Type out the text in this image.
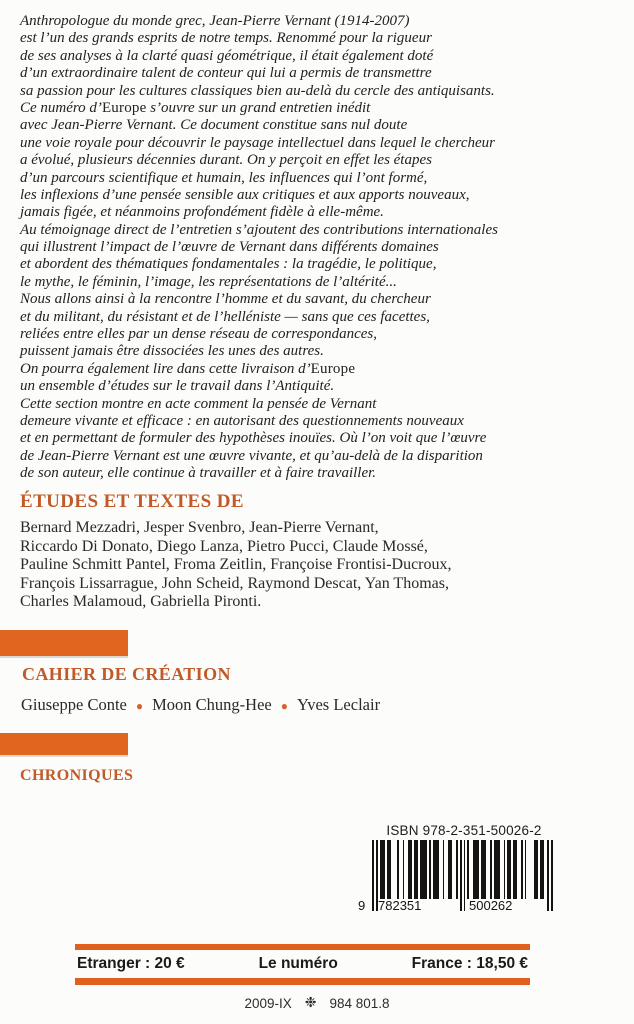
Anthropologue du monde grec, Jean-Pierre Vernant (1914-2007)
est l’un des grands esprits de notre temps. Renommé pour la rigueur
de ses analyses à la clarté quasi géométrique, il était également doté
d’un extraordinaire talent de conteur qui lui a permis de transmettre
sa passion pour les cultures classiques bien au-delà du cercle des antiquisants.
Ce numéro d’Europe s’ouvre sur un grand entretien inédit
avec Jean-Pierre Vernant. Ce document constitue sans nul doute
une voie royale pour découvrir le paysage intellectuel dans lequel le chercheur
a évolué, plusieurs décennies durant. On y perçoit en effet les étapes
d’un parcours scientifique et humain, les influences qui l’ont formé,
les inflexions d’une pensée sensible aux critiques et aux apports nouveaux,
jamais figée, et néanmoins profondément fidèle à elle-même.
Au témoignage direct de l’entretien s’ajoutent des contributions internationales
qui illustrent l’impact de l’œuvre de Vernant dans différents domaines
et abordent des thématiques fondamentales : la tragédie, le politique,
le mythe, le féminin, l’image, les représentations de l’altérité...
Nous allons ainsi à la rencontre l’homme et du savant, du chercheur
et du militant, du résistant et de l’helléniste — sans que ces facettes,
reliées entre elles par un dense réseau de correspondances,
puissent jamais être dissociées les unes des autres.
On pourra également lire dans cette livraison d’Europe
un ensemble d’études sur le travail dans l’Antiquité.
Cette section montre en acte comment la pensée de Vernant
demeure vivante et efficace : en autorisant des questionnements nouveaux
et en permettant de formuler des hypothèses inouïes. Où l’on voit que l’œuvre
de Jean-Pierre Vernant est une œuvre vivante, et qu’au-delà de la disparition
de son auteur, elle continue à travailler et à faire travailler.
ÉTUDES ET TEXTES DE
Bernard Mezzadri, Jesper Svenbro, Jean-Pierre Vernant,
Riccardo Di Donato, Diego Lanza, Pietro Pucci, Claude Mossé,
Pauline Schmitt Pantel, Froma Zeitlin, Françoise Frontisi-Ducroux,
François Lissarrague, John Scheid, Raymond Descat, Yan Thomas,
Charles Malamoud, Gabriella Pironti.
CAHIER DE CRÉATION
Giuseppe Conte ● Moon Chung-Hee ● Yves Leclair
CHRONIQUES
ISBN 978-2-351-50026-2
9 782351	500262
Etranger : 20 €	Le numéro	France : 18,50 €
2009-IX ❉ 984 801.8
